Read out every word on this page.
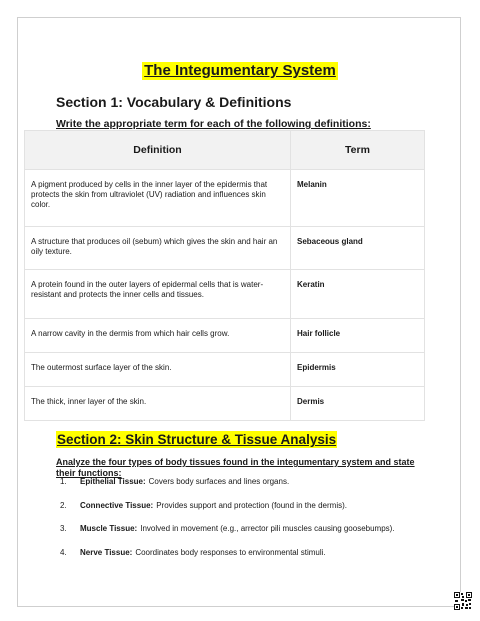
The Integumentary System
Section 1: Vocabulary & Definitions
Write the appropriate term for each of the following definitions:
Definition	Term
A pigment produced by cells in the inner layer of the epidermis that protects the skin from ultraviolet (UV) radiation and influences skin color.	Melanin
A structure that produces oil (sebum) which gives the skin and hair an oily texture.	Sebaceous gland
A protein found in the outer layers of epidermal cells that is water-resistant and protects the inner cells and tissues.	Keratin
A narrow cavity in the dermis from which hair cells grow.	Hair follicle
The outermost surface layer of the skin.	Epidermis
The thick, inner layer of the skin.	Dermis
Section 2: Skin Structure & Tissue Analysis
Analyze the four types of body tissues found in the integumentary system and state their functions:
1.	Epithelial Tissue: Covers body surfaces and lines organs.
2.	Connective Tissue: Provides support and protection (found in the dermis).
3.	Muscle Tissue: Involved in movement (e.g., arrector pili muscles causing goosebumps).
4.	Nerve Tissue: Coordinates body responses to environmental stimuli.
